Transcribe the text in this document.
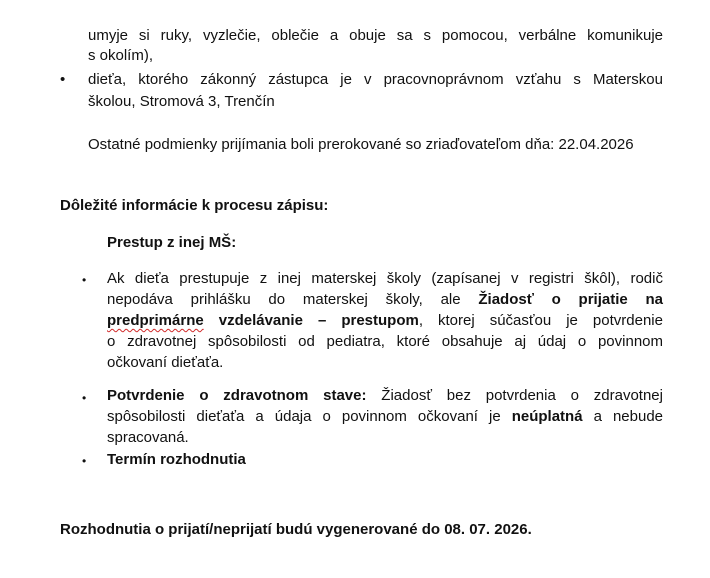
umyje si ruky, vyzlečie, oblečie a obuje sa s pomocou, verbálne komunikuje
s okolím),
• dieťa, ktorého zákonný zástupca je v pracovnoprávnom vzťahu s Materskou
školou, Stromová 3, Trenčín
Ostatné podmienky prijímania boli prerokované so zriaďovateľom dňa: 22.04.2026
Dôležité informácie k procesu zápisu:
Prestup z inej MŠ:
• Ak dieťa prestupuje z inej materskej školy (zapísanej v registri škôl), rodič
nepodáva prihlášku do materskej školy, ale Žiadosť o prijatie na
predprimárne vzdelávanie – prestupom, ktorej súčasťou je potvrdenie
o zdravotnej spôsobilosti od pediatra, ktoré obsahuje aj údaj o povinnom
očkovaní dieťaťa.
• Potvrdenie o zdravotnom stave: Žiadosť bez potvrdenia o zdravotnej
spôsobilosti dieťaťa a údaja o povinnom očkovaní je neúplatná a nebude
spracovaná.
• Termín rozhodnutia
Rozhodnutia o prijatí/neprijatí budú vygenerované do 08. 07. 2026.
